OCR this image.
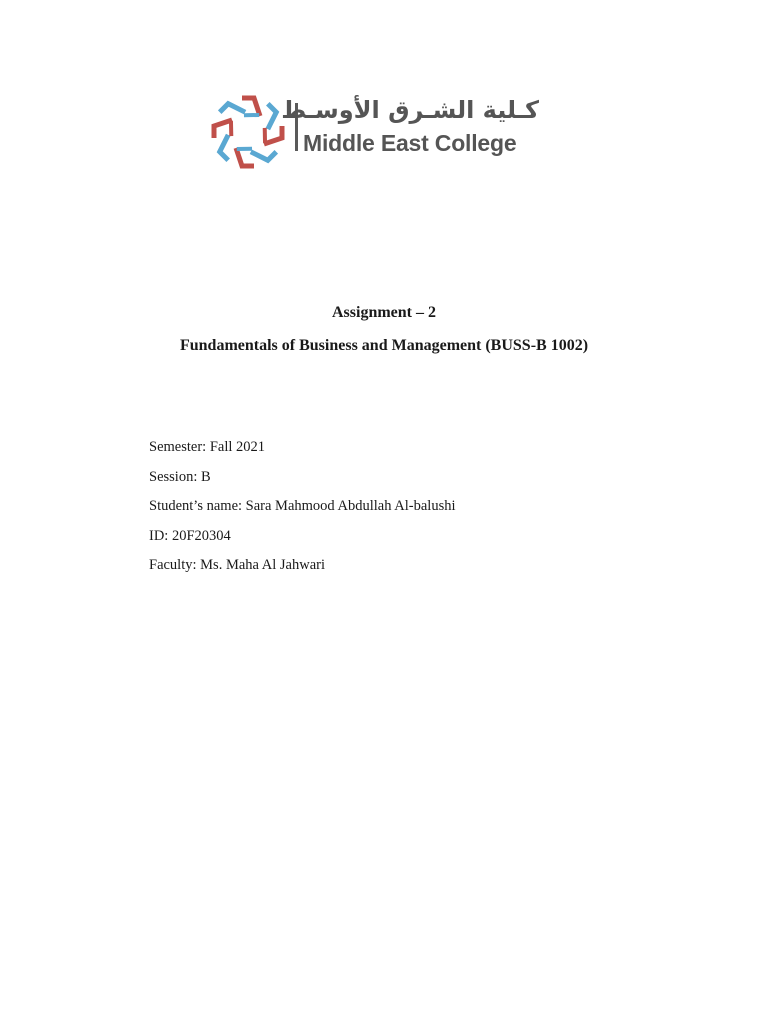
كـلية الشـرق الأوسـط
Middle East College
Assignment – 2
Fundamentals of Business and Management (BUSS-B 1002)
Semester: Fall 2021
Session: B
Student’s name: Sara Mahmood Abdullah Al-balushi
ID: 20F20304
Faculty: Ms. Maha Al Jahwari
